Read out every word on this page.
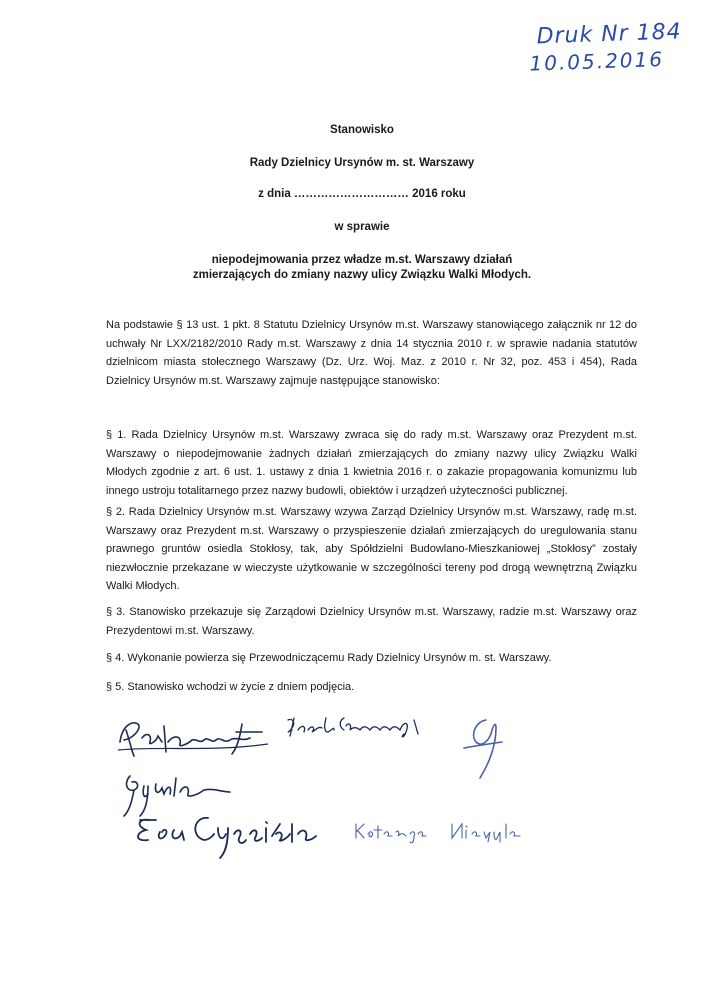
Druk Nr 184
10.05.2016
Stanowisko
Rady Dzielnicy Ursynów m. st. Warszawy
z dnia ………………………… 2016 roku
w sprawie
niepodejmowania przez władze m.st. Warszawy działań
zmierzających do zmiany nazwy ulicy Związku Walki Młodych.
Na podstawie § 13 ust. 1 pkt. 8 Statutu Dzielnicy Ursynów m.st. Warszawy stanowiącego załącznik nr 12 do uchwały Nr LXX/2182/2010 Rady m.st. Warszawy z dnia 14 stycznia 2010 r. w sprawie nadania statutów dzielnicom miasta stołecznego Warszawy (Dz. Urz. Woj. Maz. z 2010 r. Nr 32, poz. 453 i 454), Rada Dzielnicy Ursynów m.st. Warszawy zajmuje następujące stanowisko:
§ 1. Rada Dzielnicy Ursynów m.st. Warszawy zwraca się do rady m.st. Warszawy oraz Prezydent m.st. Warszawy o niepodejmowanie żadnych działań zmierzających do zmiany nazwy ulicy Związku Walki Młodych zgodnie z art. 6 ust. 1. ustawy z dnia 1 kwietnia 2016 r. o zakazie propagowania komunizmu lub innego ustroju totalitarnego przez nazwy budowli, obiektów i urządzeń użyteczności publicznej.
§ 2. Rada Dzielnicy Ursynów m.st. Warszawy wzywa Zarząd Dzielnicy Ursynów m.st. Warszawy, radę m.st. Warszawy oraz Prezydent m.st. Warszawy o przyspieszenie działań zmierzających do uregulowania stanu prawnego gruntów osiedla Stokłosy, tak, aby Spółdzielni Budowlano-Mieszkaniowej „Stokłosy” zostały niezwłocznie przekazane w wieczyste użytkowanie w szczególności tereny pod drogą wewnętrzną Związku Walki Młodych.
§ 3. Stanowisko przekazuje się Zarządowi Dzielnicy Ursynów m.st. Warszawy, radzie m.st. Warszawy oraz Prezydentowi m.st. Warszawy.
§ 4. Wykonanie powierza się Przewodniczącemu Rady Dzielnicy Ursynów m. st. Warszawy.
§ 5. Stanowisko wchodzi w życie z dniem podjęcia.
